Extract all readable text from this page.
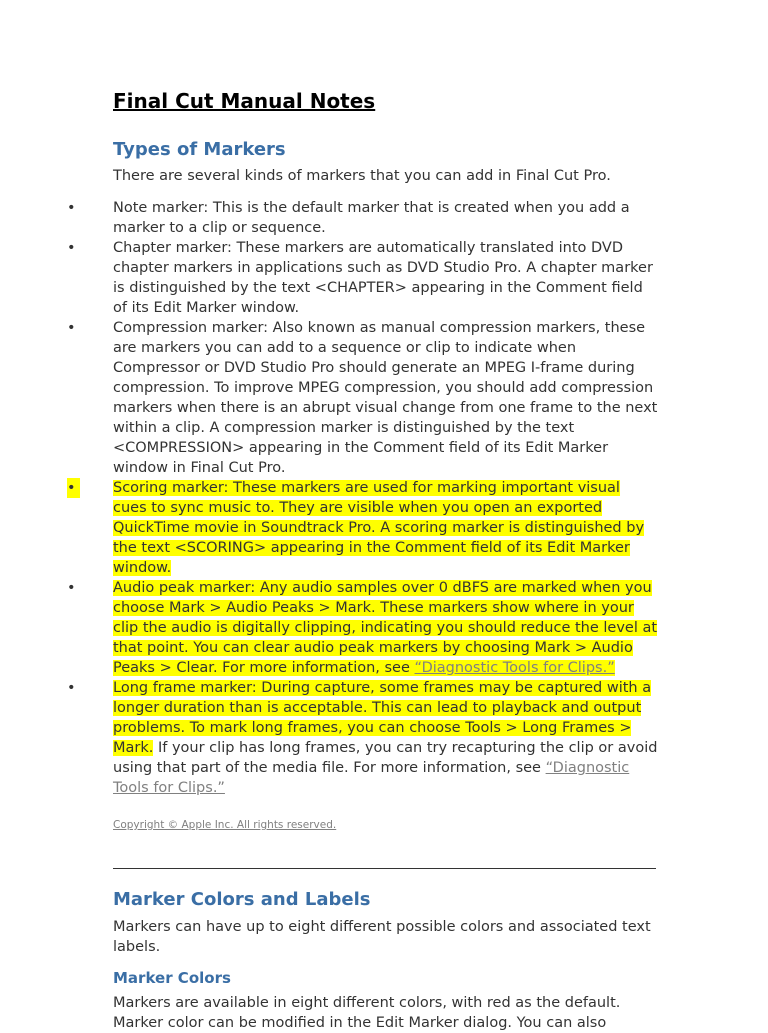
Final Cut Manual Notes
Types of Markers

There are several kinds of markers that you can add in Final Cut Pro.

•	Note marker: This is the default marker that is created when you add a marker to a clip or sequence.
•	Chapter marker: These markers are automatically translated into DVD chapter markers in applications such as DVD Studio Pro. A chapter marker is distinguished by the text <CHAPTER> appearing in the Comment field of its Edit Marker window.
•	Compression marker: Also known as manual compression markers, these are markers you can add to a sequence or clip to indicate when Compressor or DVD Studio Pro should generate an MPEG I-frame during compression. To improve MPEG compression, you should add compression markers when there is an abrupt visual change from one frame to the next within a clip. A compression marker is distinguished by the text <COMPRESSION> appearing in the Comment field of its Edit Marker window in Final Cut Pro.
•	Scoring marker: These markers are used for marking important visual cues to sync music to. They are visible when you open an exported QuickTime movie in Soundtrack Pro. A scoring marker is distinguished by the text <SCORING> appearing in the Comment field of its Edit Marker window.
•	Audio peak marker: Any audio samples over 0 dBFS are marked when you choose Mark > Audio Peaks > Mark. These markers show where in your clip the audio is digitally clipping, indicating you should reduce the level at that point. You can clear audio peak markers by choosing Mark > Audio Peaks > Clear. For more information, see “Diagnostic Tools for Clips.”
•	Long frame marker: During capture, some frames may be captured with a longer duration than is acceptable. This can lead to playback and output problems. To mark long frames, you can choose Tools > Long Frames > Mark. If your clip has long frames, you can try recapturing the clip or avoid using that part of the media file. For more information, see “Diagnostic Tools for Clips.”

Copyright © Apple Inc. All rights reserved.

Marker Colors and Labels

Markers can have up to eight different possible colors and associated text labels.

Marker Colors

Markers are available in eight different colors, with red as the default. Marker color can be modified in the Edit Marker dialog. You can also
